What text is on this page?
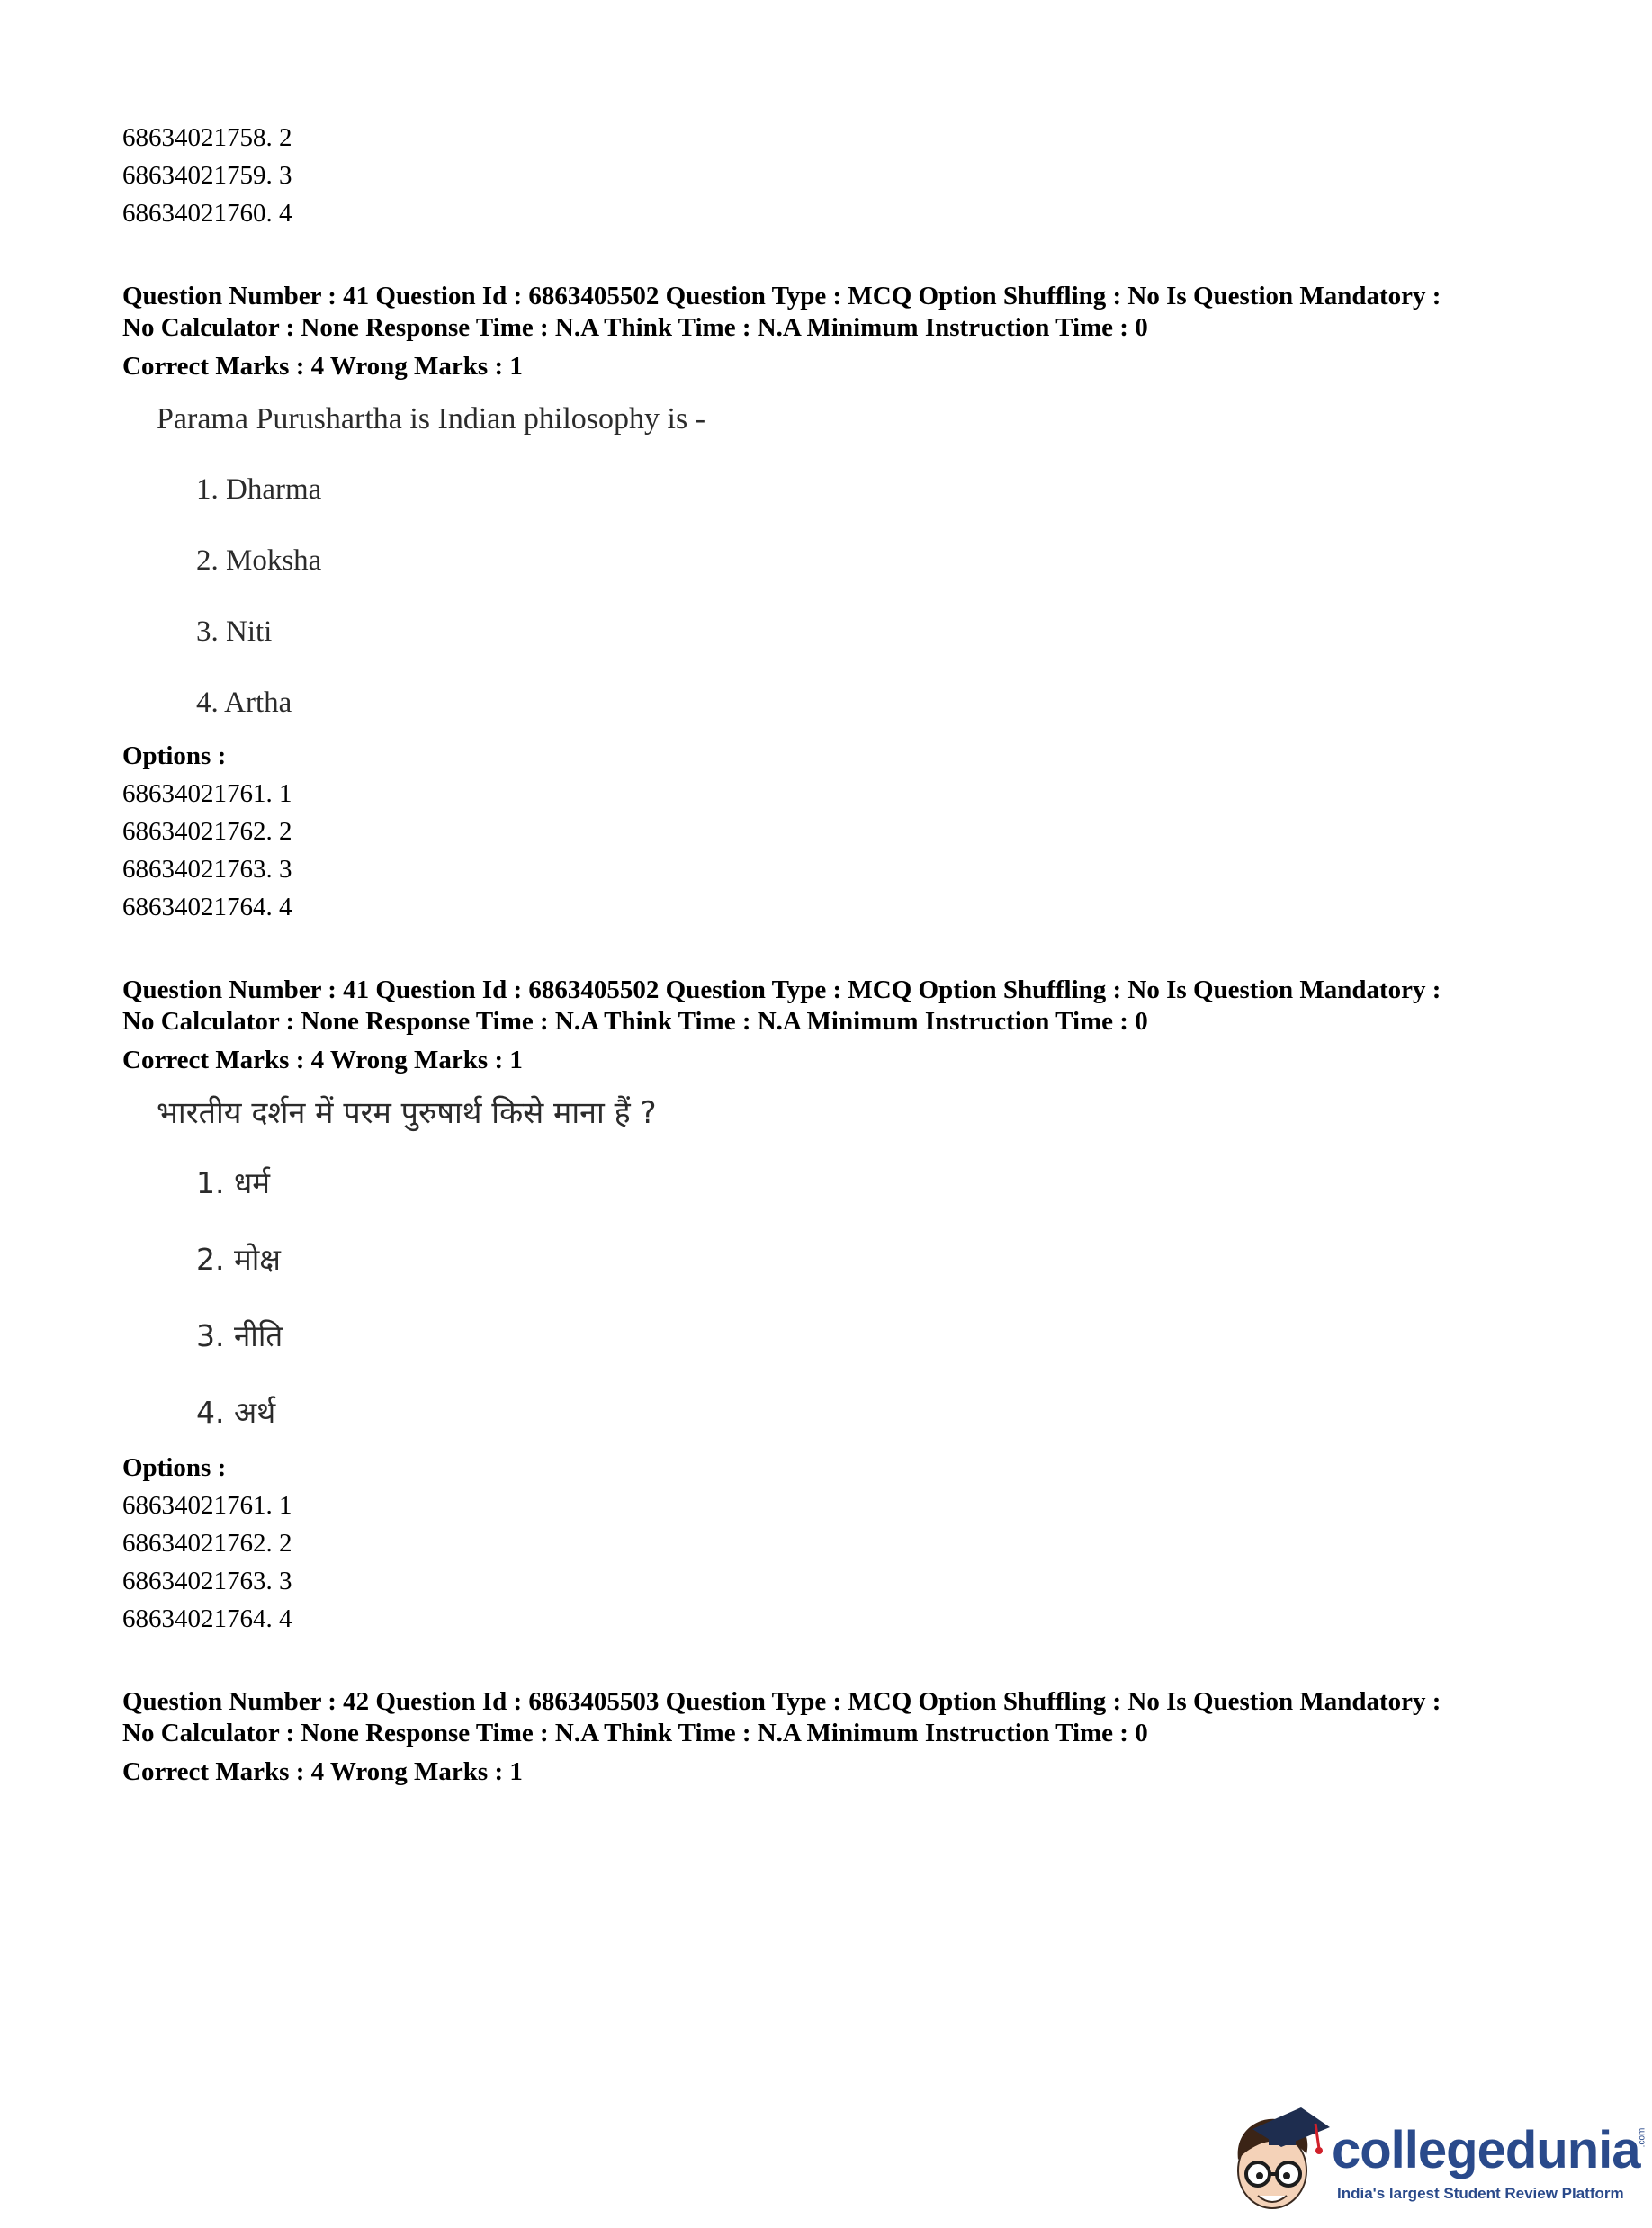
68634021758. 2

68634021759. 3

68634021760. 4

Question Number : 41 Question Id : 6863405502 Question Type : MCQ Option Shuffling : No Is Question Mandatory :

No Calculator : None Response Time : N.A Think Time : N.A Minimum Instruction Time : 0

Correct Marks : 4 Wrong Marks : 1

Parama Purushartha is Indian philosophy is -

1. Dharma

2. Moksha

3. Niti

4. Artha

Options :

68634021761. 1

68634021762. 2

68634021763. 3

68634021764. 4

Question Number : 41 Question Id : 6863405502 Question Type : MCQ Option Shuffling : No Is Question Mandatory :

No Calculator : None Response Time : N.A Think Time : N.A Minimum Instruction Time : 0

Correct Marks : 4 Wrong Marks : 1

भारतीय दर्शन में परम पुरुषार्थ किसे माना हैं ?

1. धर्म

2. मोक्ष

3. नीति

4. अर्थ

Options :

68634021761. 1

68634021762. 2

68634021763. 3

68634021764. 4

Question Number : 42 Question Id : 6863405503 Question Type : MCQ Option Shuffling : No Is Question Mandatory :

No Calculator : None Response Time : N.A Think Time : N.A Minimum Instruction Time : 0

Correct Marks : 4 Wrong Marks : 1

collegedunia
India's largest Student Review Platform
.com
